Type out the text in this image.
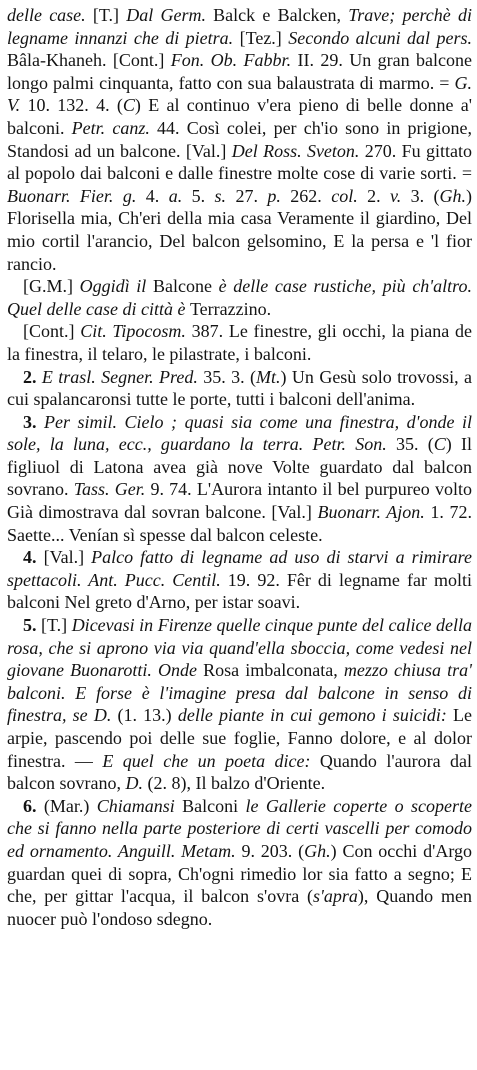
delle case. [T.] Dal Germ. Balck e Balcken, Trave; perchè di legname innanzi che di pietra. [Tez.] Secondo alcuni dal pers. Bâla-Khaneh. [Cont.] Fon. Ob. Fabbr. II. 29. Un gran balcone longo palmi cinquanta, fatto con sua balaustrata di marmo. = G. V. 10. 132. 4. (C) E al continuo v'era pieno di belle donne a' balconi. Petr. canz. 44. Così colei, per ch'io sono in prigione, Standosi ad un balcone. [Val.] Del Ross. Sveton. 270. Fu gittato al popolo dai balconi e dalle finestre molte cose di varie sorti. = Buonarr. Fier. g. 4. a. 5. s. 27. p. 262. col. 2. v. 3. (Gh.) Florisella mia, Ch'eri della mia casa Veramente il giardino, Del mio cortil l'arancio, Del balcon gelsomino, E la persa e 'l fior rancio.

[G.M.] Oggidì il Balcone è delle case rustiche, più ch'altro. Quel delle case di città è Terrazzino.

[Cont.] Cit. Tipocosm. 387. Le finestre, gli occhi, la piana de la finestra, il telaro, le pilastrate, i balconi.

2. E trasl. Segner. Pred. 35. 3. (Mt.) Un Gesù solo trovossi, a cui spalancaronsi tutte le porte, tutti i balconi dell'anima.

3. Per simil. Cielo ; quasi sia come una finestra, d'onde il sole, la luna, ecc., guardano la terra. Petr. Son. 35. (C) Il figliuol di Latona avea già nove Volte guardato dal balcon sovrano. Tass. Ger. 9. 74. L'Aurora intanto il bel purpureo volto Già dimostrava dal sovran balcone. [Val.] Buonarr. Ajon. 1. 72. Saette... Venían sì spesse dal balcon celeste.

4. [Val.] Palco fatto di legname ad uso di starvi a rimirare spettacoli. Ant. Pucc. Centil. 19. 92. Fêr di legname far molti balconi Nel greto d'Arno, per istar soavi.

5. [T.] Dicevasi in Firenze quelle cinque punte del calice della rosa, che si aprono via via quand'ella sboccia, come vedesi nel giovane Buonarotti. Onde Rosa imbalconata, mezzo chiusa tra' balconi. E forse è l'imagine presa dal balcone in senso di finestra, se D. (1. 13.) delle piante in cui gemono i suicidi: Le arpie, pascendo poi delle sue foglie, Fanno dolore, e al dolor finestra. — E quel che un poeta dice: Quando l'aurora dal balcon sovrano, D. (2. 8), Il balzo d'Oriente.

6. (Mar.) Chiamansi Balconi le Gallerie coperte o scoperte che si fanno nella parte posteriore di certi vascelli per comodo ed ornamento. Anguill. Metam. 9. 203. (Gh.) Con occhi d'Argo guardan quei di sopra, Ch'ogni rimedio lor sia fatto a segno; E che, per gittar l'acqua, il balcon s'ovra (s'apra), Quando men nuocer può l'ondoso sdegno.
